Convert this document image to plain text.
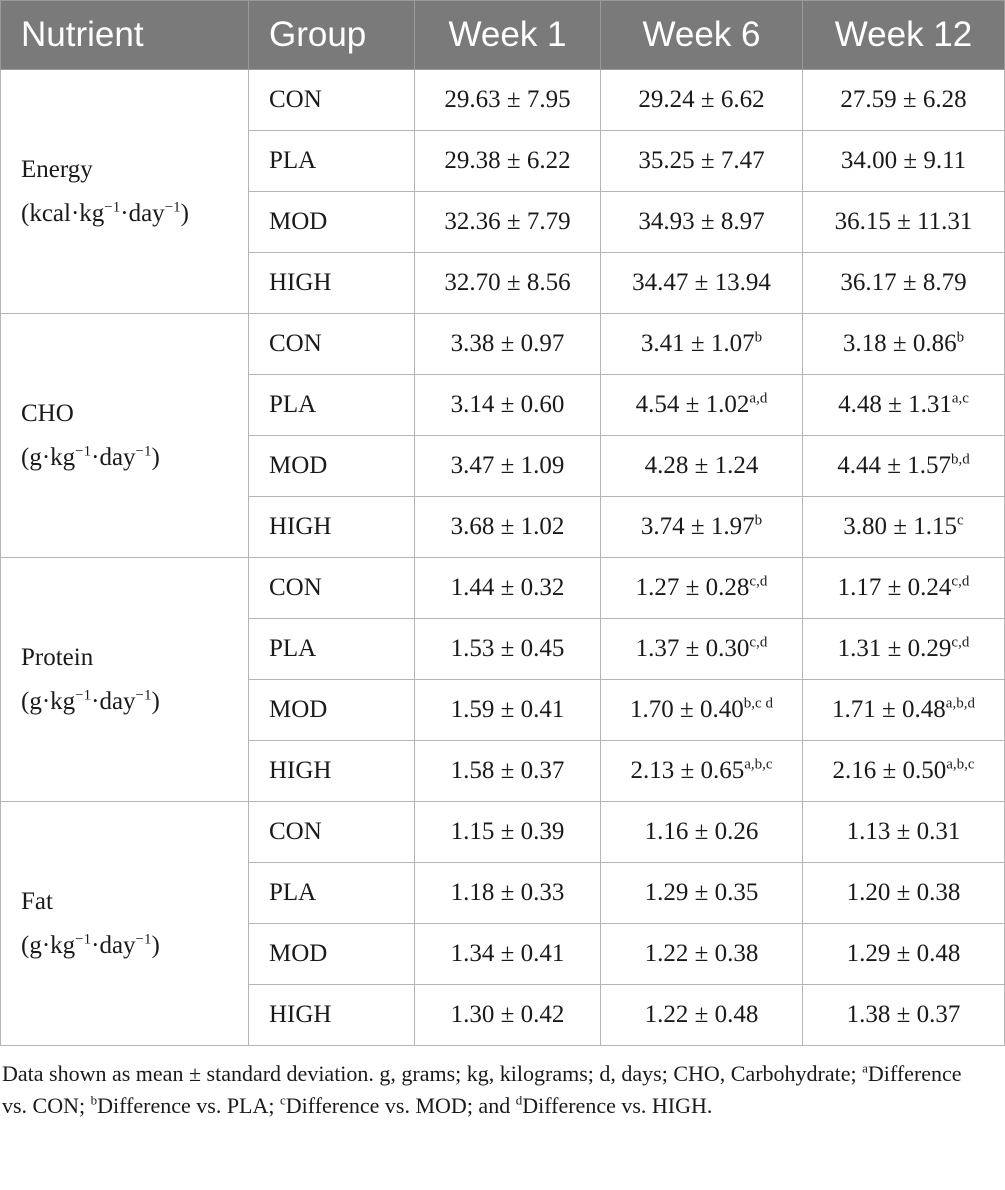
Nutrient	Group	Week 1	Week 6	Week 12

Energy
$(kcal\cdot kg^{-1}\cdot day^{-1})$	CON	29.63 ± 7.95	29.24 ± 6.62	27.59 ± 6.28
	PLA	29.38 ± 6.22	35.25 ± 7.47	34.00 ± 9.11
	MOD	32.36 ± 7.79	34.93 ± 8.97	36.15 ± 11.31
	HIGH	32.70 ± 8.56	34.47 ± 13.94	36.17 ± 8.79

CHO
$(g\cdot kg^{-1}\cdot day^{-1})$	CON	3.38 ± 0.97	3.41 ± 1.07$^b$	3.18 ± 0.86$^b$
	PLA	3.14 ± 0.60	$4.54 \pm 1.02^{a,d}$	$4.48 \pm 1.31^{a,c}$
	MOD	3.47 ± 1.09	4.28 ± 1.24	$4.44 \pm 1.57^{b,d}$
	HIGH	3.68 ± 1.02	3.74 ± 1.97$^b$	3.80 ± 1.15$^c$

Protein
$(g\cdot kg^{-1}\cdot day^{-1})$	CON	1.44 ± 0.32	$1.27 \pm 0.28^{c,d}$	$1.17 \pm 0.24^{c,d}$
	PLA	1.53 ± 0.45	$1.37 \pm 0.30^{c,d}$	$1.31 \pm 0.29^{c,d}$
	MOD	1.59 ± 0.41	$1.70 \pm 0.40^{b,c d}$	$1.71 \pm 0.48^{a,b,d}$
	HIGH	1.58 ± 0.37	$2.13 \pm 0.65^{a,b,c}$	$2.16 \pm 0.50^{a,b,c}$

Fat
$(g\cdot kg^{-1}\cdot day^{-1})$	CON	1.15 ± 0.39	1.16 ± 0.26	1.13 ± 0.31
	PLA	1.18 ± 0.33	1.29 ± 0.35	1.20 ± 0.38
	MOD	1.34 ± 0.41	1.22 ± 0.38	1.29 ± 0.48
	HIGH	1.30 ± 0.42	1.22 ± 0.48	1.38 ± 0.37
Data shown as mean ± standard deviation. g, grams; kg, kilograms; d, days; CHO, Carbohydrate; $^a$Difference vs. CON; $^b$Difference vs. PLA; $^c$Difference vs. MOD; and $^d$Difference vs. HIGH.
